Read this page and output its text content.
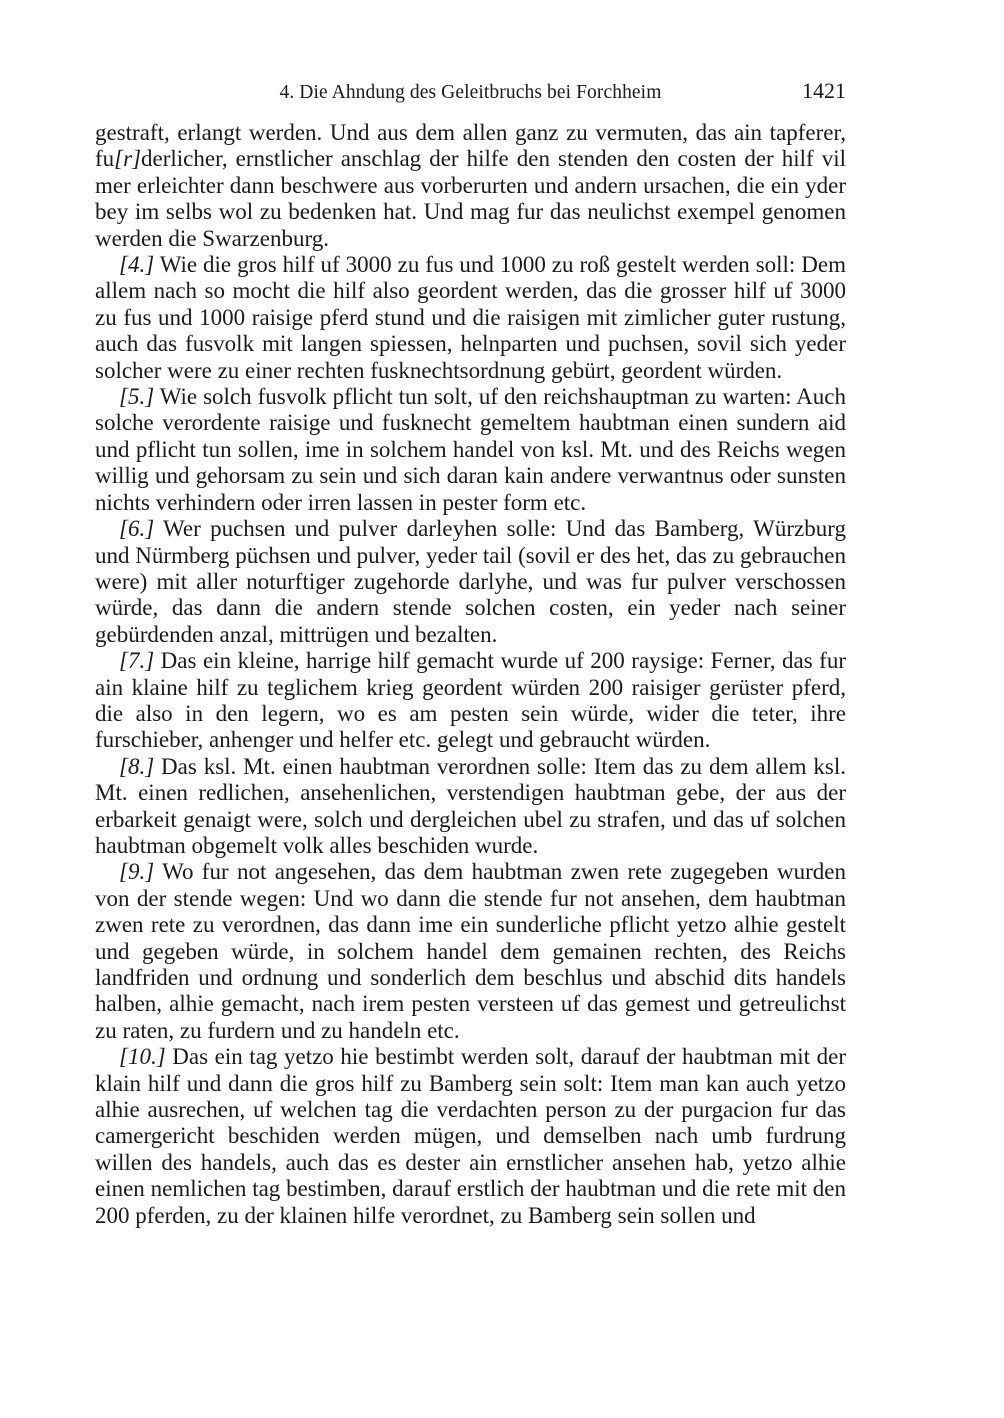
4. Die Ahndung des Geleitbruchs bei Forchheim	1421

gestraft, erlangt werden. Und aus dem allen ganz zu vermuten, das ain tapferer, fu[r]derlicher, ernstlicher anschlag der hilfe den stenden den costen der hilf vil mer erleichter dann beschwere aus vorberurten und andern ursachen, die ein yder bey im selbs wol zu bedenken hat. Und mag fur das neulichst exempel genomen werden die Swarzenburg.

[4.] Wie die gros hilf uf 3000 zu fus und 1000 zu roß gestelt werden soll: Dem allem nach so mocht die hilf also geordent werden, das die grosser hilf uf 3000 zu fus und 1000 raisige pferd stund und die raisigen mit zimlicher guter rustung, auch das fusvolk mit langen spiessen, helnparten und puchsen, sovil sich yeder solcher were zu einer rechten fusknechtsordnung gebürt, geordent würden.

[5.] Wie solch fusvolk pflicht tun solt, uf den reichshauptman zu warten: Auch solche verordente raisige und fusknecht gemeltem haubtman einen sundern aid und pflicht tun sollen, ime in solchem handel von ksl. Mt. und des Reichs wegen willig und gehorsam zu sein und sich daran kain andere verwantnus oder sunsten nichts verhindern oder irren lassen in pester form etc.

[6.] Wer puchsen und pulver darleyhen solle: Und das Bamberg, Würzburg und Nürmberg püchsen und pulver, yeder tail (sovil er des het, das zu gebrauchen were) mit aller noturftiger zugehorde darlyhe, und was fur pulver verschossen würde, das dann die andern stende solchen costen, ein yeder nach seiner gebürdenden anzal, mittrügen und bezalten.

[7.] Das ein kleine, harrige hilf gemacht wurde uf 200 raysige: Ferner, das fur ain klaine hilf zu teglichem krieg geordent würden 200 raisiger gerüster pferd, die also in den legern, wo es am pesten sein würde, wider die teter, ihre furschieber, anhenger und helfer etc. gelegt und gebraucht würden.

[8.] Das ksl. Mt. einen haubtman verordnen solle: Item das zu dem allem ksl. Mt. einen redlichen, ansehenlichen, verstendigen haubtman gebe, der aus der erbarkeit genaigt were, solch und dergleichen ubel zu strafen, und das uf solchen haubtman obgemelt volk alles beschiden wurde.

[9.] Wo fur not angesehen, das dem haubtman zwen rete zugegeben wurden von der stende wegen: Und wo dann die stende fur not ansehen, dem haubtman zwen rete zu verordnen, das dann ime ein sunderliche pflicht yetzo alhie gestelt und gegeben würde, in solchem handel dem gemainen rechten, des Reichs landfriden und ordnung und sonderlich dem beschlus und abschid dits handels halben, alhie gemacht, nach irem pesten versteen uf das gemest und getreulichst zu raten, zu furdern und zu handeln etc.

[10.] Das ein tag yetzo hie bestimbt werden solt, darauf der haubtman mit der klain hilf und dann die gros hilf zu Bamberg sein solt: Item man kan auch yetzo alhie ausrechen, uf welchen tag die verdachten person zu der purgacion fur das camergericht beschiden werden mügen, und demselben nach umb furdrung willen des handels, auch das es dester ain ernstlicher ansehen hab, yetzo alhie einen nemlichen tag bestimben, darauf erstlich der haubtman und die rete mit den 200 pferden, zu der klainen hilfe verordnet, zu Bamberg sein sollen und
